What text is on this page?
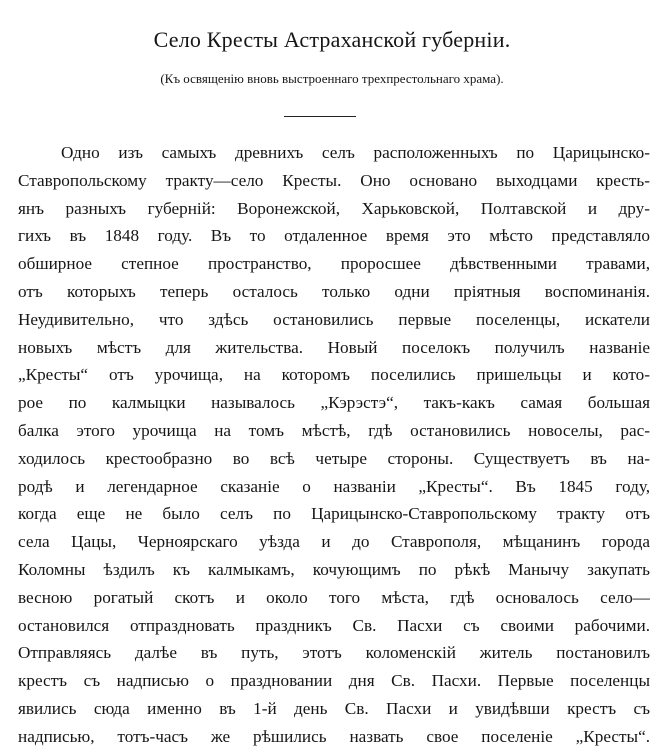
Село Кресты Астраханской губерніи.
(Къ освященію вновь выстроеннаго трехпрестольнаго храма).
Одно изъ самыхъ древнихъ селъ расположенныхъ по Царицынско-
Ставропольскому тракту—село Кресты. Оно основано выходцами кресть-
янъ разныхъ губерній: Воронежской, Харьковской, Полтавской и дру-
гихъ въ 1848 году. Въ то отдаленное время это мѣсто представляло
обширное степное пространство, проросшее дѣвственными травами,
отъ которыхъ теперь осталось только одни пріятныя воспоминанія.
Неудивительно, что здѣсь остановились первые поселенцы, искатели
новыхъ мѣстъ для жительства. Новый поселокъ получилъ названіе
„Кресты“ отъ урочища, на которомъ поселились пришельцы и кото-
рое по калмыцки называлось „Кэрэстэ“, такъ-какъ самая большая
балка этого урочища на томъ мѣстѣ, гдѣ остановились новоселы, рас-
ходилось крестообразно во всѣ четыре стороны. Существуетъ въ на-
родѣ и легендарное сказаніе о названіи „Кресты“. Въ 1845 году,
когда еще не было селъ по Царицынско-Ставропольскому тракту отъ
села Цацы, Черноярскаго уѣзда и до Ставрополя, мѣщанинъ города
Коломны ѣздилъ къ калмыкамъ, кочующимъ по рѣкѣ Манычу закупать
весною рогатый скотъ и около того мѣста, гдѣ основалось село—
остановился отпраздновать праздникъ Св. Пасхи съ своими рабочими.
Отправляясь далѣе въ путь, этотъ коломенскій житель постановилъ
крестъ съ надписью о праздновании дня Св. Пасхи. Первые поселенцы
явились сюда именно въ 1-й день Св. Пасхи и увидѣвши крестъ съ
надписью, тотъ-часъ же рѣшились назвать свое поселеніе „Кресты“.
